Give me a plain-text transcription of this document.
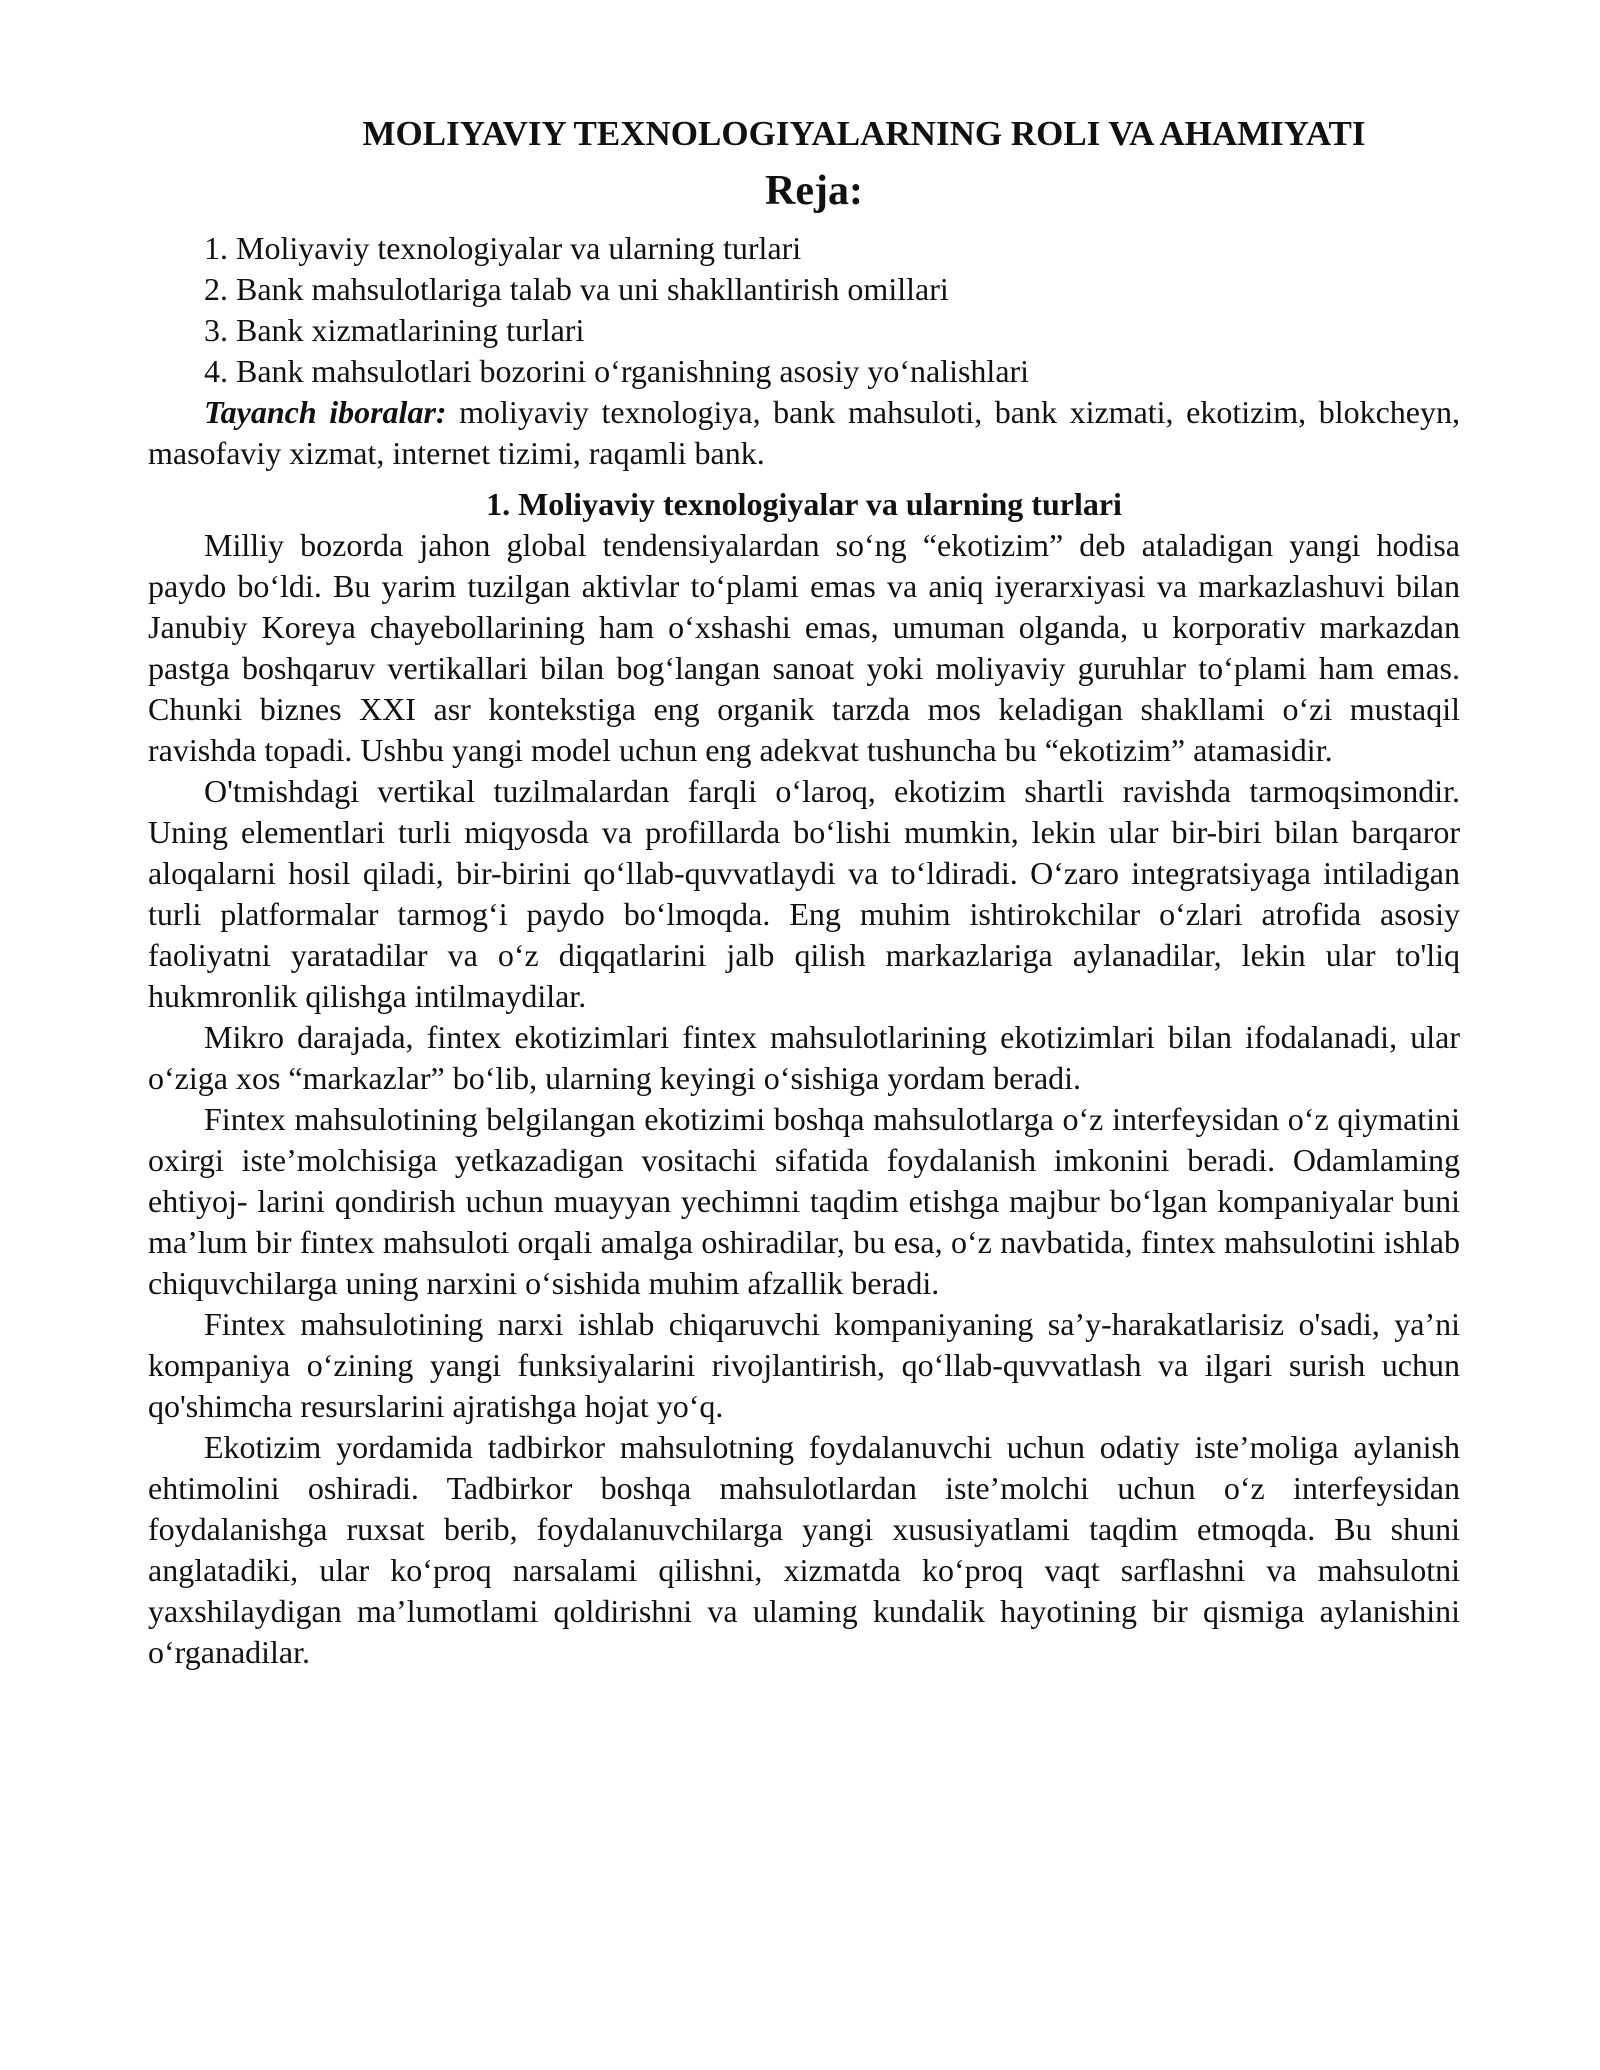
MOLIYAVIY TEXNOLOGIYALARNING ROLI VA AHAMIYATI
Reja:
1. Moliyaviy texnologiyalar va ularning turlari
2. Bank mahsulotlariga talab va uni shakllantirish omillari
3. Bank xizmatlarining turlari
4. Bank mahsulotlari bozorini o‘rganishning asosiy yo‘nalishlari

Tayanch iboralar: moliyaviy texnologiya, bank mahsuloti, bank xizmati, ekotizim, blokcheyn, masofaviy xizmat, internet tizimi, raqamli bank.

1. Moliyaviy texnologiyalar va ularning turlari

Milliy bozorda jahon global tendensiyalardan so‘ng “ekotizim” deb ataladigan yangi hodisa paydo bo‘ldi. Bu yarim tuzilgan aktivlar to‘plami emas va aniq iyerarxiyasi va markazlashuvi bilan Janubiy Koreya chayebollarining ham o‘xshashi emas, umuman olganda, u korporativ markazdan pastga boshqaruv vertikallari bilan bog‘langan sanoat yoki moliyaviy guruhlar to‘plami ham emas. Chunki biznes XXI asr kontekstiga eng organik tarzda mos keladigan shakllami o‘zi mustaqil ravishda topadi. Ushbu yangi model uchun eng adekvat tushuncha bu “ekotizim” atamasidir.

O'tmishdagi vertikal tuzilmalardan farqli o‘laroq, ekotizim shartli ravishda tarmoqsimondir. Uning elementlari turli miqyosda va profillarda bo‘lishi mumkin, lekin ular bir-biri bilan barqaror aloqalarni hosil qiladi, bir-birini qo‘llab-quvvatlaydi va to‘ldiradi. O‘zaro integratsiyaga intiladigan turli platformalar tarmog‘i paydo bo‘lmoqda. Eng muhim ishtirokchilar o‘zlari atrofida asosiy faoliyatni yaratadilar va o‘z diqqatlarini jalb qilish markazlariga aylanadilar, lekin ular to'liq hukmronlik qilishga intilmaydilar.

Mikro darajada, fintex ekotizimlari fintex mahsulotlarining ekotizimlari bilan ifodalanadi, ular o‘ziga xos “markazlar” bo‘lib, ularning keyingi o‘sishiga yordam beradi.

Fintex mahsulotining belgilangan ekotizimi boshqa mahsulotlarga o‘z interfeysidan o‘z qiymatini oxirgi iste’molchisiga yetkazadigan vositachi sifatida foydalanish imkonini beradi. Odamlaming ehtiyoj- larini qondirish uchun muayyan yechimni taqdim etishga majbur bo‘lgan kompaniyalar buni ma’lum bir fintex mahsuloti orqali amalga oshiradilar, bu esa, o‘z navbatida, fintex mahsulotini ishlab chiquvchilarga uning narxini o‘sishida muhim afzallik beradi.

Fintex mahsulotining narxi ishlab chiqaruvchi kompaniyaning sa’y-harakatlarisiz o'sadi, ya’ni kompaniya o‘zining yangi funksiyalarini rivojlantirish, qo‘llab-quvvatlash va ilgari surish uchun qo'shimcha resurslarini ajratishga hojat yo‘q.

Ekotizim yordamida tadbirkor mahsulotning foydalanuvchi uchun odatiy iste’moliga aylanish ehtimolini oshiradi. Tadbirkor boshqa mahsulotlardan iste’molchi uchun o‘z interfeysidan foydalanishga ruxsat berib, foydalanuvchilarga yangi xususiyatlami taqdim etmoqda. Bu shuni anglatadiki, ular ko‘proq narsalami qilishni, xizmatda ko‘proq vaqt sarflashni va mahsulotni yaxshilaydigan ma’lumotlami qoldirishni va ulaming kundalik hayotining bir qismiga aylanishini o‘rganadilar.
